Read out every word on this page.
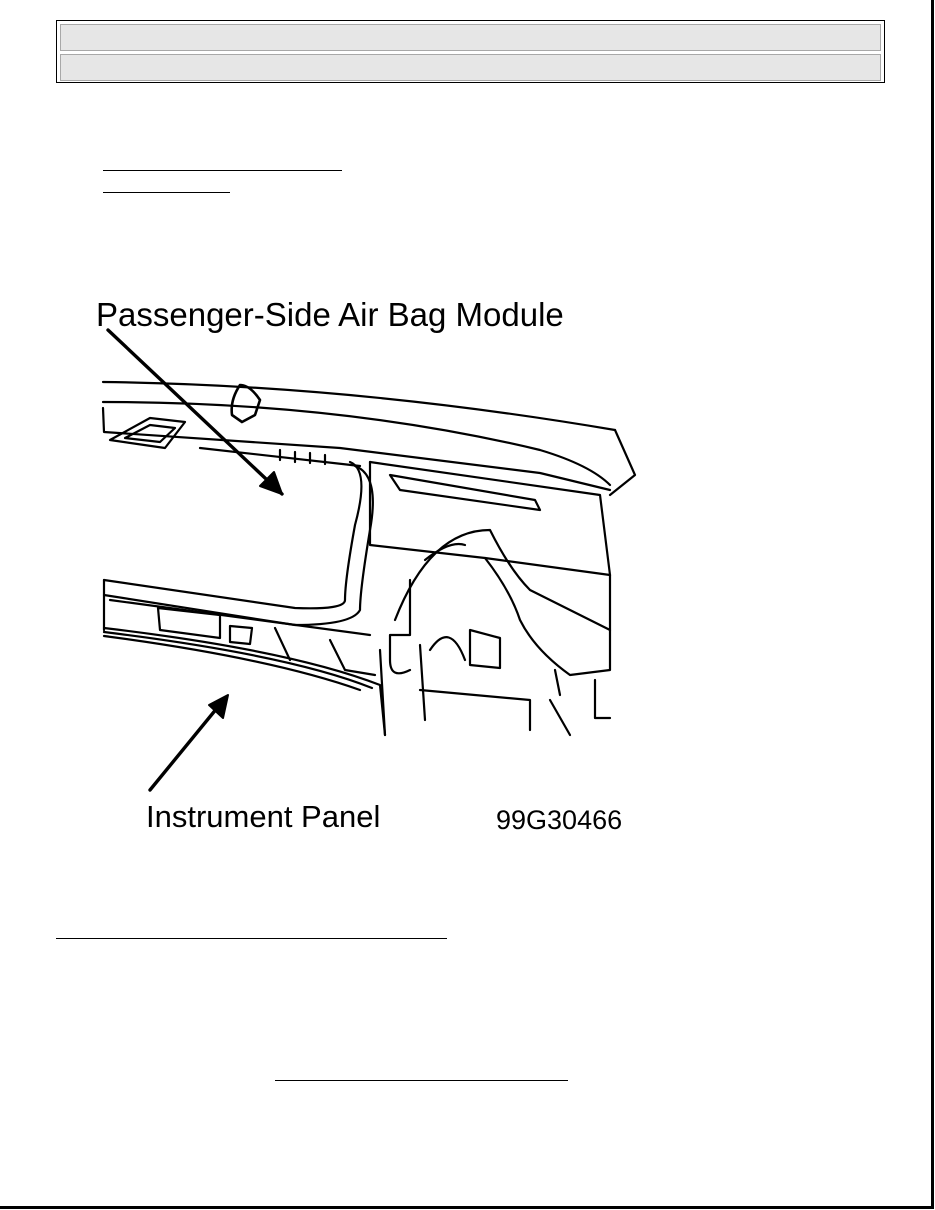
Passenger-Side Air Bag Module
Instrument Panel	99G30466
